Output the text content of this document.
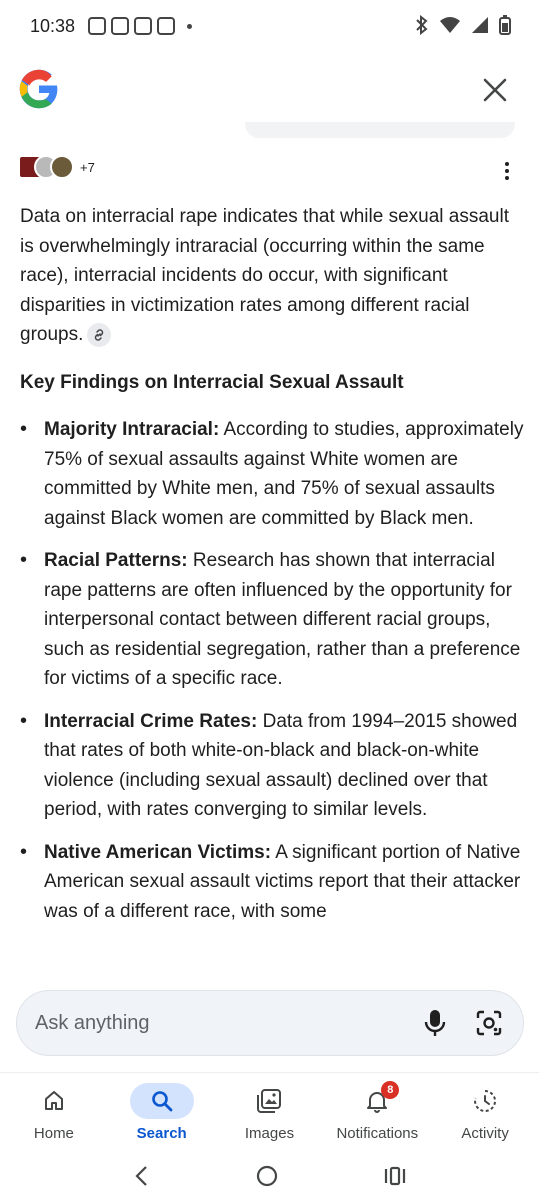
10:38
+7

Data on interracial rape indicates that while sexual assault is overwhelmingly intraracial (occurring within the same race), interracial incidents do occur, with significant disparities in victimization rates among different racial groups.

Key Findings on Interracial Sexual Assault
• Majority Intraracial: According to studies, approximately 75% of sexual assaults against White women are committed by White men, and 75% of sexual assaults against Black women are committed by Black men.
• Racial Patterns: Research has shown that interracial rape patterns are often influenced by the opportunity for interpersonal contact between different racial groups, such as residential segregation, rather than a preference for victims of a specific race.
• Interracial Crime Rates: Data from 1994–2015 showed that rates of both white-on-black and black-on-white violence (including sexual assault) declined over that period, with rates converging to similar levels.
• Native American Victims: A significant portion of Native American sexual assault victims report that their attacker was of a different race, with some
Ask anything
Home	Search	Images
8
Notifications	Activity
